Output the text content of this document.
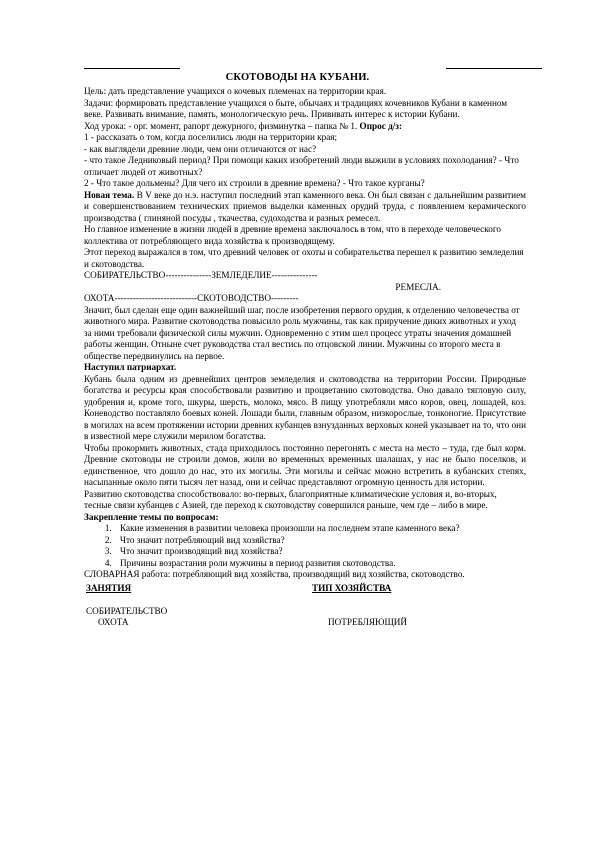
СКОТОВОДЫ НА КУБАНИ.

Цель: дать представление учащихся о кочевых племенах на территории края.

Задачи: формировать представление учащихся о быте, обычаях и традициях кочевников Кубани в каменном веке. Развивать внимание, память, монологическую речь. Прививать интерес к истории Кубани.

Ход урока: - орг. момент, рапорт дежурного, физминутка – папка № 1. Опрос д/з:

1 - рассказать о том, когда поселились люди на территории края;

- как выглядели древние люди, чем они отличаются от нас?

- что такое Ледниковый период? При помощи каких изобретений люди выжили в условиях похолодания? - Что отличает людей от животных?

2 - Что такое дольмены? Для чего их строили в древние времена? - Что такое курганы?

Новая тема. В V веке до н.э. наступил последний этап каменного века. Он был связан с дальнейшим развитием и совершенствованием технических приемов выделки каменных орудий труда, с появлением керамического производства ( глиняной посуды , ткачества, судоходства и разных ремесел.

Но главное изменение в жизни людей в древние времена заключалось в том, что в переходе человеческого коллектива от потребляющего вида хозяйства к производящему.

Этот переход выражался в том, что древний человек от охоты и собирательства перешел к развитию земледелия и скотоводства.

СОБИРАТЕЛЬСТВО---------------ЗЕМЛЕДЕЛИЕ---------------

РЕМЕСЛА.

ОХОТА---------------------------СКОТОВОДСТВО---------

Значит, был сделан еще один важнейший шаг, после изобретения первого орудия, к отделению человечества от животного мира. Развитие скотоводства повысило роль мужчины, так как приручение диких животных и уход за ними требовали физической силы мужчин. Одновременно с этим шел процесс утраты значения домашней работы женщин. Отныне счет руководства стал вестись по отцовской линии. Мужчины со второго места в обществе передвинулись на первое.

Наступил патриархат.

Кубань была одним из древнейших центров земледелия и скотоводства на территории России. Природные богатства и ресурсы края способствовали развитию и процветанию скотоводства. Оно давало тягловую силу, удобрения и, кроме того, шкуры, шерсть, молоко, мясо. В пищу употребляли мясо коров, овец, лошадей, коз. Коневодство поставляло боевых коней. Лошади были, главным образом, низкорослые, тонконогие. Присутствие в могилах на всем протяжении истории древних кубанцев взнузданных верховых коней указывает на то, что они в известной мере служили мерилом богатства.

Чтобы прокормить животных, стада приходилось постоянно перегонять с места на место – туда, где был корм. Древние скотоводы не строили домов, жили во временных временных шалашах, у нас не было поселков, и единственное, что дошло до нас, это их могилы. Эти могилы и сейчас можно встретить в кубанских степях, насыпанные около пяти тысяч лет назад, они и сейчас представляют огромную ценность для истории.

Развитию скотоводства способствовало: во-первых, благоприятные климатические условия и, во-вторых, тесные связи кубанцев с Азией, где переход к скотоводству совершился раньше, чем где – либо в мире. Закрепление темы по вопросам:

1. Какие изменения в развитии человека произошли на последнем этапе каменного века?
2. Что значит потребляющий вид хозяйства?
3. Что значит производящий вид хозяйства?
4. Причины возрастания роли мужчины в период развития скотоводства.

СЛОВАРНАЯ работа: потребляющий вид хозяйства, производящий вид хозяйства, скотоводство.

ЗАНЯТИЯ	ТИП ХОЗЯЙСТВА
СОБИРАТЕЛЬСТВО
ОХОТА	ПОТРЕБЛЯЮЩИЙ
